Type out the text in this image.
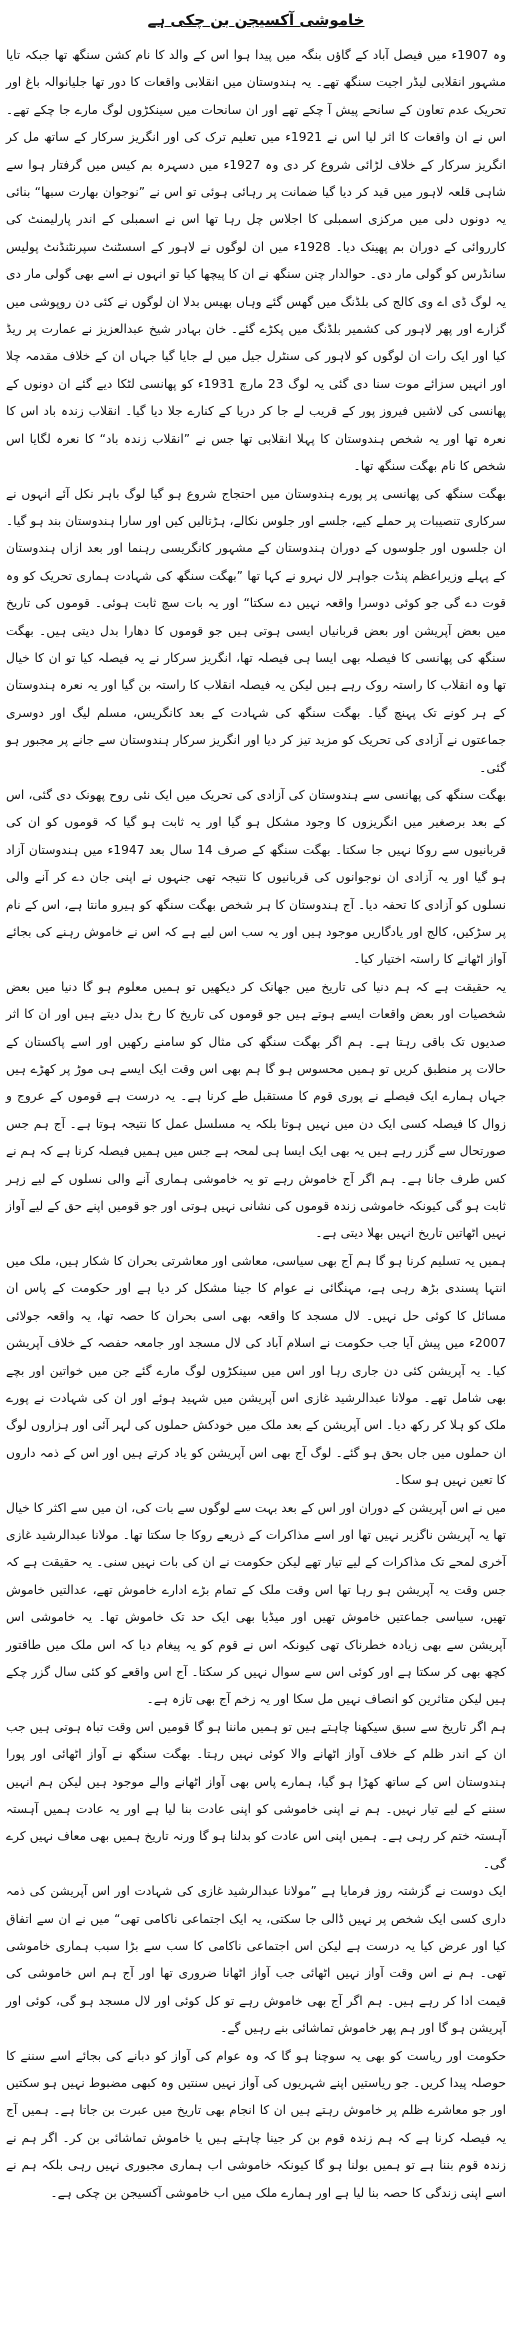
خاموشی آکسیجن بن چکی ہے

وہ 1907ء میں فیصل آباد کے گاؤں بنگہ میں پیدا ہوا اس کے والد کا نام کشن سنگھ تھا جبکہ تایا مشہور انقلابی لیڈر اجیت سنگھ تھے۔ یہ ہندوستان میں انقلابی واقعات کا دور تھا جلیانوالہ باغ اور تحریک عدم تعاون کے سانحے پیش آ چکے تھے اور ان سانحات میں سینکڑوں لوگ مارے جا چکے تھے۔ اس نے ان واقعات کا اثر لیا اس نے 1921ء میں تعلیم ترک کی اور انگریز سرکار کے ساتھ مل کر انگریز سرکار کے خلاف لڑائی شروع کر دی وہ 1927ء میں دسہرہ بم کیس میں گرفتار ہوا سے شاہی قلعہ لاہور میں قید کر دیا گیا ضمانت پر رہائی ہوئی تو اس نے ”نوجوان بھارت سبھا“ بنائی یہ دونوں دلی میں مرکزی اسمبلی کا اجلاس چل رہا تھا اس نے اسمبلی کے اندر پارلیمنٹ کی کارروائی کے دوران بم پھینک دیا۔ 1928ء میں ان لوگوں نے لاہور کے اسسٹنٹ سپرنٹنڈنٹ پولیس سانڈرس کو گولی مار دی۔ حوالدار چنن سنگھ نے ان کا پیچھا کیا تو انہوں نے اسے بھی گولی مار دی یہ لوگ ڈی اے وی کالج کی بلڈنگ میں گھس گئے وہاں بھیس بدلا ان لوگوں نے کئی دن روپوشی میں گزارے اور پھر لاہور کی کشمیر بلڈنگ میں پکڑے گئے۔ خان بہادر شیخ عبدالعزیز نے عمارت پر ریڈ کیا اور ایک رات ان لوگوں کو لاہور کی سنٹرل جیل میں لے جایا گیا جہاں ان کے خلاف مقدمہ چلا اور انہیں سزائے موت سنا دی گئی یہ لوگ 23 مارچ 1931ء کو پھانسی لٹکا دیے گئے ان دونوں کے پھانسی کی لاشیں فیروز پور کے قریب لے جا کر دریا کے کنارے جلا دیا گیا۔ انقلاب زندہ باد اس کا نعرہ تھا اور یہ شخص ہندوستان کا پہلا انقلابی تھا جس نے ”انقلاب زندہ باد“ کا نعرہ لگایا اس شخص کا نام بھگت سنگھ تھا۔

بھگت سنگھ کی پھانسی پر پورے ہندوستان میں احتجاج شروع ہو گیا لوگ باہر نکل آئے انہوں نے سرکاری تنصیبات پر حملے کیے، جلسے اور جلوس نکالے، ہڑتالیں کیں اور سارا ہندوستان بند ہو گیا۔ ان جلسوں اور جلوسوں کے دوران ہندوستان کے مشہور کانگریسی رہنما اور بعد ازاں ہندوستان کے پہلے وزیراعظم پنڈت جواہر لال نہرو نے کہا تھا ”بھگت سنگھ کی شہادت ہماری تحریک کو وہ قوت دے گی جو کوئی دوسرا واقعہ نہیں دے سکتا“ اور یہ بات سچ ثابت ہوئی۔ قوموں کی تاریخ میں بعض آپریشن اور بعض قربانیاں ایسی ہوتی ہیں جو قوموں کا دھارا بدل دیتی ہیں۔ بھگت سنگھ کی پھانسی کا فیصلہ بھی ایسا ہی فیصلہ تھا، انگریز سرکار نے یہ فیصلہ کیا تو ان کا خیال تھا وہ انقلاب کا راستہ روک رہے ہیں لیکن یہ فیصلہ انقلاب کا راستہ بن گیا اور یہ نعرہ ہندوستان کے ہر کونے تک پہنچ گیا۔ بھگت سنگھ کی شہادت کے بعد کانگریس، مسلم لیگ اور دوسری جماعتوں نے آزادی کی تحریک کو مزید تیز کر دیا اور انگریز سرکار ہندوستان سے جانے پر مجبور ہو گئی۔

بھگت سنگھ کی پھانسی سے ہندوستان کی آزادی کی تحریک میں ایک نئی روح پھونک دی گئی، اس کے بعد برصغیر میں انگریزوں کا وجود مشکل ہو گیا اور یہ ثابت ہو گیا کہ قوموں کو ان کی قربانیوں سے روکا نہیں جا سکتا۔ بھگت سنگھ کے صرف 14 سال بعد 1947ء میں ہندوستان آزاد ہو گیا اور یہ آزادی ان نوجوانوں کی قربانیوں کا نتیجہ تھی جنہوں نے اپنی جان دے کر آنے والی نسلوں کو آزادی کا تحفہ دیا۔ آج ہندوستان کا ہر شخص بھگت سنگھ کو ہیرو مانتا ہے، اس کے نام پر سڑکیں، کالج اور یادگاریں موجود ہیں اور یہ سب اس لیے ہے کہ اس نے خاموش رہنے کی بجائے آواز اٹھانے کا راستہ اختیار کیا۔

یہ حقیقت ہے کہ ہم دنیا کی تاریخ میں جھانک کر دیکھیں تو ہمیں معلوم ہو گا دنیا میں بعض شخصیات اور بعض واقعات ایسے ہوتے ہیں جو قوموں کی تاریخ کا رخ بدل دیتے ہیں اور ان کا اثر صدیوں تک باقی رہتا ہے۔ ہم اگر بھگت سنگھ کی مثال کو سامنے رکھیں اور اسے پاکستان کے حالات پر منطبق کریں تو ہمیں محسوس ہو گا ہم بھی اس وقت ایک ایسے ہی موڑ پر کھڑے ہیں جہاں ہمارے ایک فیصلے نے پوری قوم کا مستقبل طے کرنا ہے۔ یہ درست ہے قوموں کے عروج و زوال کا فیصلہ کسی ایک دن میں نہیں ہوتا بلکہ یہ مسلسل عمل کا نتیجہ ہوتا ہے۔ آج ہم جس صورتحال سے گزر رہے ہیں یہ بھی ایک ایسا ہی لمحہ ہے جس میں ہمیں فیصلہ کرنا ہے کہ ہم نے کس طرف جانا ہے۔ ہم اگر آج خاموش رہے تو یہ خاموشی ہماری آنے والی نسلوں کے لیے زہر ثابت ہو گی کیونکہ خاموشی زندہ قوموں کی نشانی نہیں ہوتی اور جو قومیں اپنے حق کے لیے آواز نہیں اٹھاتیں تاریخ انہیں بھلا دیتی ہے۔

ہمیں یہ تسلیم کرنا ہو گا ہم آج بھی سیاسی، معاشی اور معاشرتی بحران کا شکار ہیں، ملک میں انتہا پسندی بڑھ رہی ہے، مہنگائی نے عوام کا جینا مشکل کر دیا ہے اور حکومت کے پاس ان مسائل کا کوئی حل نہیں۔ لال مسجد کا واقعہ بھی اسی بحران کا حصہ تھا، یہ واقعہ جولائی 2007ء میں پیش آیا جب حکومت نے اسلام آباد کی لال مسجد اور جامعہ حفصہ کے خلاف آپریشن کیا۔ یہ آپریشن کئی دن جاری رہا اور اس میں سینکڑوں لوگ مارے گئے جن میں خواتین اور بچے بھی شامل تھے۔ مولانا عبدالرشید غازی اس آپریشن میں شہید ہوئے اور ان کی شہادت نے پورے ملک کو ہلا کر رکھ دیا۔ اس آپریشن کے بعد ملک میں خودکش حملوں کی لہر آئی اور ہزاروں لوگ ان حملوں میں جاں بحق ہو گئے۔ لوگ آج بھی اس آپریشن کو یاد کرتے ہیں اور اس کے ذمہ داروں کا تعین نہیں ہو سکا۔

میں نے اس آپریشن کے دوران اور اس کے بعد بہت سے لوگوں سے بات کی، ان میں سے اکثر کا خیال تھا یہ آپریشن ناگزیر نہیں تھا اور اسے مذاکرات کے ذریعے روکا جا سکتا تھا۔ مولانا عبدالرشید غازی آخری لمحے تک مذاکرات کے لیے تیار تھے لیکن حکومت نے ان کی بات نہیں سنی۔ یہ حقیقت ہے کہ جس وقت یہ آپریشن ہو رہا تھا اس وقت ملک کے تمام بڑے ادارے خاموش تھے، عدالتیں خاموش تھیں، سیاسی جماعتیں خاموش تھیں اور میڈیا بھی ایک حد تک خاموش تھا۔ یہ خاموشی اس آپریشن سے بھی زیادہ خطرناک تھی کیونکہ اس نے قوم کو یہ پیغام دیا کہ اس ملک میں طاقتور کچھ بھی کر سکتا ہے اور کوئی اس سے سوال نہیں کر سکتا۔ آج اس واقعے کو کئی سال گزر چکے ہیں لیکن متاثرین کو انصاف نہیں مل سکا اور یہ زخم آج بھی تازہ ہے۔

ہم اگر تاریخ سے سبق سیکھنا چاہتے ہیں تو ہمیں ماننا ہو گا قومیں اس وقت تباہ ہوتی ہیں جب ان کے اندر ظلم کے خلاف آواز اٹھانے والا کوئی نہیں رہتا۔ بھگت سنگھ نے آواز اٹھائی اور پورا ہندوستان اس کے ساتھ کھڑا ہو گیا، ہمارے پاس بھی آواز اٹھانے والے موجود ہیں لیکن ہم انہیں سننے کے لیے تیار نہیں۔ ہم نے اپنی خاموشی کو اپنی عادت بنا لیا ہے اور یہ عادت ہمیں آہستہ آہستہ ختم کر رہی ہے۔ ہمیں اپنی اس عادت کو بدلنا ہو گا ورنہ تاریخ ہمیں بھی معاف نہیں کرے گی۔

ایک دوست نے گزشتہ روز فرمایا ہے ”مولانا عبدالرشید غازی کی شہادت اور اس آپریشن کی ذمہ داری کسی ایک شخص پر نہیں ڈالی جا سکتی، یہ ایک اجتماعی ناکامی تھی“ میں نے ان سے اتفاق کیا اور عرض کیا یہ درست ہے لیکن اس اجتماعی ناکامی کا سب سے بڑا سبب ہماری خاموشی تھی۔ ہم نے اس وقت آواز نہیں اٹھائی جب آواز اٹھانا ضروری تھا اور آج ہم اس خاموشی کی قیمت ادا کر رہے ہیں۔ ہم اگر آج بھی خاموش رہے تو کل کوئی اور لال مسجد ہو گی، کوئی اور آپریشن ہو گا اور ہم پھر خاموش تماشائی بنے رہیں گے۔

حکومت اور ریاست کو بھی یہ سوچنا ہو گا کہ وہ عوام کی آواز کو دبانے کی بجائے اسے سننے کا حوصلہ پیدا کریں۔ جو ریاستیں اپنے شہریوں کی آواز نہیں سنتیں وہ کبھی مضبوط نہیں ہو سکتیں اور جو معاشرے ظلم پر خاموش رہتے ہیں ان کا انجام بھی تاریخ میں عبرت بن جاتا ہے۔ ہمیں آج یہ فیصلہ کرنا ہے کہ ہم زندہ قوم بن کر جینا چاہتے ہیں یا خاموش تماشائی بن کر۔ اگر ہم نے زندہ قوم بننا ہے تو ہمیں بولنا ہو گا کیونکہ خاموشی اب ہماری مجبوری نہیں رہی بلکہ ہم نے اسے اپنی زندگی کا حصہ بنا لیا ہے اور ہمارے ملک میں اب خاموشی آکسیجن بن چکی ہے۔
